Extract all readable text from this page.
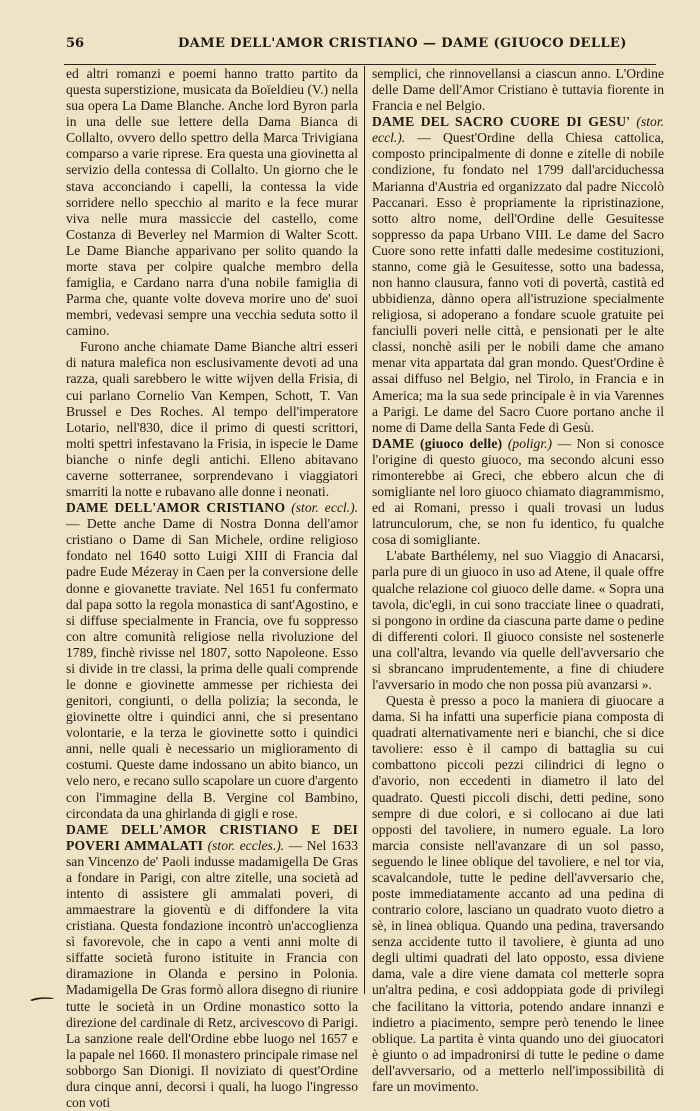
56	DAME DELL'AMOR CRISTIANO — DAME (GIUOCO DELLE)

ed altri romanzi e poemi hanno tratto partito da questa superstizione, musicata da Boïeldieu (V.) nella sua opera La Dame Blanche. Anche lord Byron parla in una delle sue lettere della Dama Bianca di Collalto, ovvero dello spettro della Marca Trivigiana comparso a varie riprese. Era questa una giovinetta al servizio della contessa di Collalto. Un giorno che le stava acconciando i capelli, la contessa la vide sorridere nello specchio al marito e la fece murar viva nelle mura massiccie del castello, come Costanza di Beverley nel Marmion di Walter Scott. Le Dame Bianche apparivano per solito quando la morte stava per colpire qualche membro della famiglia, e Cardano narra d'una nobile famiglia di Parma che, quante volte doveva morire uno de' suoi membri, vedevasi sempre una vecchia seduta sotto il camino.

Furono anche chiamate Dame Bianche altri esseri di natura malefica non esclusivamente devoti ad una razza, quali sarebbero le witte wijven della Frisia, di cui parlano Cornelio Van Kempen, Schott, T. Van Brussel e Des Roches. Al tempo dell'imperatore Lotario, nell'830, dice il primo di questi scrittori, molti spettri infestavano la Frisia, in ispecie le Dame bianche o ninfe degli antichi. Elleno abitavano caverne sotterranee, sorprendevano i viaggiatori smarriti la notte e rubavano alle donne i neonati.

DAME DELL'AMOR CRISTIANO (stor. eccl.). — Dette anche Dame di Nostra Donna dell'amor cristiano o Dame di San Michele, ordine religioso fondato nel 1640 sotto Luigi XIII di Francia dal padre Eude Mézeray in Caen per la conversione delle donne e giovanette traviate. Nel 1651 fu confermato dal papa sotto la regola monastica di sant'Agostino, e si diffuse specialmente in Francia, ove fu soppresso con altre comunità religiose nella rivoluzione del 1789, finchè rivisse nel 1807, sotto Napoleone. Esso si divide in tre classi, la prima delle quali comprende le donne e giovinette ammesse per richiesta dei genitori, congiunti, o della polizia; la seconda, le giovinette oltre i quindici anni, che si presentano volontarie, e la terza le giovinette sotto i quindici anni, nelle quali è necessario un miglioramento di costumi. Queste dame indossano un abito bianco, un velo nero, e recano sullo scapolare un cuore d'argento con l'immagine della B. Vergine col Bambino, circondata da una ghirlanda di gigli e rose.

DAME DELL'AMOR CRISTIANO E DEI POVERI AMMALATI (stor. eccles.). — Nel 1633 san Vincenzo de' Paoli indusse madamigella De Gras a fondare in Parigi, con altre zitelle, una società ad intento di assistere gli ammalati poveri, di ammaestrare la gioventù e di diffondere la vita cristiana. Questa fondazione incontrò un'accoglienza sì favorevole, che in capo a venti anni molte di siffatte società furono istituite in Francia con diramazione in Olanda e persino in Polonia. Madamigella De Gras formò allora disegno di riunire tutte le società in un Ordine monastico sotto la direzione del cardinale di Retz, arcivescovo di Parigi. La sanzione reale dell'Ordine ebbe luogo nel 1657 e la papale nel 1660. Il monastero principale rimase nel sobborgo San Dionigi. Il noviziato di quest'Ordine dura cinque anni, decorsi i quali, ha luogo l'ingresso con voti

semplici, che rinnovellansi a ciascun anno. L'Ordine delle Dame dell'Amor Cristiano è tuttavia fiorente in Francia e nel Belgio.

DAME DEL SACRO CUORE DI GESU' (stor. eccl.). — Quest'Ordine della Chiesa cattolica, composto principalmente di donne e zitelle di nobile condizione, fu fondato nel 1799 dall'arciduchessa Marianna d'Austria ed organizzato dal padre Niccolò Paccanari. Esso è propriamente la ripristinazione, sotto altro nome, dell'Ordine delle Gesuitesse soppresso da papa Urbano VIII. Le dame del Sacro Cuore sono rette infatti dalle medesime costituzioni, stanno, come già le Gesuitesse, sotto una badessa, non hanno clausura, fanno voti di povertà, castità ed ubbidienza, dànno opera all'istruzione specialmente religiosa, si adoperano a fondare scuole gratuite pei fanciulli poveri nelle città, e pensionati per le alte classi, nonchè asili per le nobili dame che amano menar vita appartata dal gran mondo. Quest'Ordine è assai diffuso nel Belgio, nel Tirolo, in Francia e in America; ma la sua sede principale è in via Varennes a Parigi. Le dame del Sacro Cuore portano anche il nome di Dame della Santa Fede di Gesù.

DAME (giuoco delle) (poligr.) — Non si conosce l'origine di questo giuoco, ma secondo alcuni esso rimonterebbe ai Greci, che ebbero alcun che di somigliante nel loro giuoco chiamato diagrammismo, ed ai Romani, presso i quali trovasi un ludus latrunculorum, che, se non fu identico, fu qualche cosa di somigliante.

L'abate Barthélemy, nel suo Viaggio di Anacarsi, parla pure di un giuoco in uso ad Atene, il quale offre qualche relazione col giuoco delle dame. « Sopra una tavola, dic'egli, in cui sono tracciate linee o quadrati, si pongono in ordine da ciascuna parte dame o pedine di differenti colori. Il giuoco consiste nel sostenerle una coll'altra, levando via quelle dell'avversario che si sbrancano imprudentemente, a fine di chiudere l'avversario in modo che non possa più avanzarsi ».

Questa è presso a poco la maniera di giuocare a dama. Si ha infatti una superficie piana composta di quadrati alternativamente neri e bianchi, che si dice tavoliere: esso è il campo di battaglia su cui combattono piccoli pezzi cilindrici di legno o d'avorio, non eccedenti in diametro il lato del quadrato. Questi piccoli dischi, detti pedine, sono sempre di due colori, e si collocano ai due lati opposti del tavoliere, in numero eguale. La loro marcia consiste nell'avanzare di un sol passo, seguendo le linee oblique del tavoliere, e nel tor via, scavalcandole, tutte le pedine dell'avversario che, poste immediatamente accanto ad una pedina di contrario colore, lasciano un quadrato vuoto dietro a sè, in linea obliqua. Quando una pedina, traversando senza accidente tutto il tavoliere, è giunta ad uno degli ultimi quadrati del lato opposto, essa diviene dama, vale a dire viene damata col metterle sopra un'altra pedina, e così addoppiata gode di privilegi che facilitano la vittoria, potendo andare innanzi e indietro a piacimento, sempre però tenendo le linee oblique. La partita è vinta quando uno dei giuocatori è giunto o ad impadronirsi di tutte le pedine o dame dell'avversario, od a metterlo nell'impossibilità di fare un movimento.
